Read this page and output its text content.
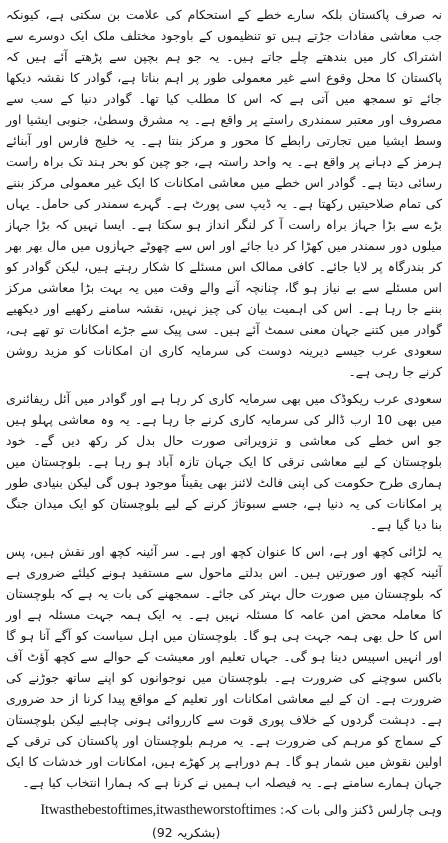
نہ صرف پاکستان بلکہ سارے خطے کے استحکام کی علامت بن سکتی ہے، کیونکہ جب معاشی مفادات جڑتے ہیں تو تنظیموں کے باوجود مختلف ملک ایک دوسرے سے اشتراک کار میں بندھتے چلے جاتے ہیں۔ یہ جو ہم بچپن سے پڑھتے آئے ہیں کہ پاکستان کا محل وقوع اسے غیر معمولی طور پر اہم بناتا ہے، گوادر کا نقشہ دیکھا جائے تو سمجھ میں آتی ہے کہ اس کا مطلب کیا تھا۔ گوادر دنیا کے سب سے مصروف اور معتبر سمندری راستے پر واقع ہے۔ یہ مشرق وسطیٰ، جنوبی ایشیا اور وسط ایشیا میں تجارتی رابطے کا محور و مرکز بنتا ہے۔ یہ خلیج فارس اور آبنائے ہرمز کے دہانے پر واقع ہے۔ یہ واحد راستہ ہے، جو چین کو بحر ہند تک براہ راست رسائی دیتا ہے۔ گوادر اس خطے میں معاشی امکانات کا ایک غیر معمولی مرکز بننے کی تمام صلاحیتیں رکھتا ہے۔ یہ ڈیپ سی پورٹ ہے۔ گہرے سمندر کی حامل۔ یہاں بڑے سے بڑا جہاز براہ راست آ کر لنگر انداز ہو سکتا ہے۔ ایسا نہیں کہ بڑا جہاز میلوں دور سمندر میں کھڑا کر دیا جائے اور اس سے چھوٹے جہازوں میں مال بھر بھر کر بندرگاہ پر لایا جائے۔ کافی ممالک اس مسئلے کا شکار رہتے ہیں، لیکن گوادر کو اس مسئلے سے بے نیاز ہو گا، چنانچہ آنے والے وقت میں یہ بہت بڑا معاشی مرکز بننے جا رہا ہے۔ اس کی اہمیت بیان کی چیز نہیں، نقشہ سامنے رکھیے اور دیکھیے گوادر میں کتنے جہان معنی سمٹ آئے ہیں۔ سی پیک سے جڑے امکانات تو تھے ہی، سعودی عرب جیسے دیرینہ دوست کی سرمایہ کاری ان امکانات کو مزید روشن کرنے جا رہی ہے۔

سعودی عرب ریکوڈک میں بھی سرمایہ کاری کر رہا ہے اور گوادر میں آئل ریفائنری میں بھی 10 ارب ڈالر کی سرمایہ کاری کرنے جا رہا ہے۔ یہ وہ معاشی پہلو ہیں جو اس خطے کی معاشی و تزویراتی صورت حال بدل کر رکھ دیں گے۔ خود بلوچستان کے لیے معاشی ترقی کا ایک جہان تازہ آباد ہو رہا ہے۔ بلوچستان میں ہماری طرح حکومت کی اپنی فالٹ لائنز بھی یقیناً موجود ہوں گی لیکن بنیادی طور پر امکانات کی یہ دنیا ہے، جسے سبوتاژ کرنے کے لیے بلوچستان کو ایک میدان جنگ بنا دیا گیا ہے۔

یہ لڑائی کچھ اور ہے، اس کا عنوان کچھ اور ہے۔ سر آئینہ کچھ اور نقش ہیں، پس آئینہ کچھ اور صورتیں ہیں۔ اس بدلتے ماحول سے مستفید ہونے کیلئے ضروری ہے کہ بلوچستان میں صورت حال بہتر کی جائے۔ سمجھنے کی بات یہ ہے کہ بلوچستان کا معاملہ محض امن عامہ کا مسئلہ نہیں ہے۔ یہ ایک ہمہ جہت مسئلہ ہے اور اس کا حل بھی ہمہ جہت ہی ہو گا۔ بلوچستان میں اہل سیاست کو آگے آنا ہو گا اور انہیں اسپیس دینا ہو گی۔ جہاں تعلیم اور معیشت کے حوالے سے کچھ آؤٹ آف باکس سوچنے کی ضرورت ہے۔ بلوچستان میں نوجوانوں کو اپنے ساتھ جوڑنے کی ضرورت ہے۔ ان کے لیے معاشی امکانات اور تعلیم کے مواقع پیدا کرنا از حد ضروری ہے۔ دہشت گردوں کے خلاف پوری قوت سے کارروائی ہونی چاہیے لیکن بلوچستان کے سماج کو مرہم کی ضرورت ہے۔ یہ مرہم بلوچستان اور پاکستان کی ترقی کے اولین نقوش میں شمار ہو گا۔ ہم دوراہے پر کھڑے ہیں، امکانات اور خدشات کا ایک جہان ہمارے سامنے ہے۔ یہ فیصلہ اب ہمیں نے کرنا ہے کہ ہمارا انتخاب کیا ہے۔

وہی چارلس ڈکنز والی بات کہ: Itwasthebestoftimes,itwastheworstoftimes

(بشکریہ 92)
